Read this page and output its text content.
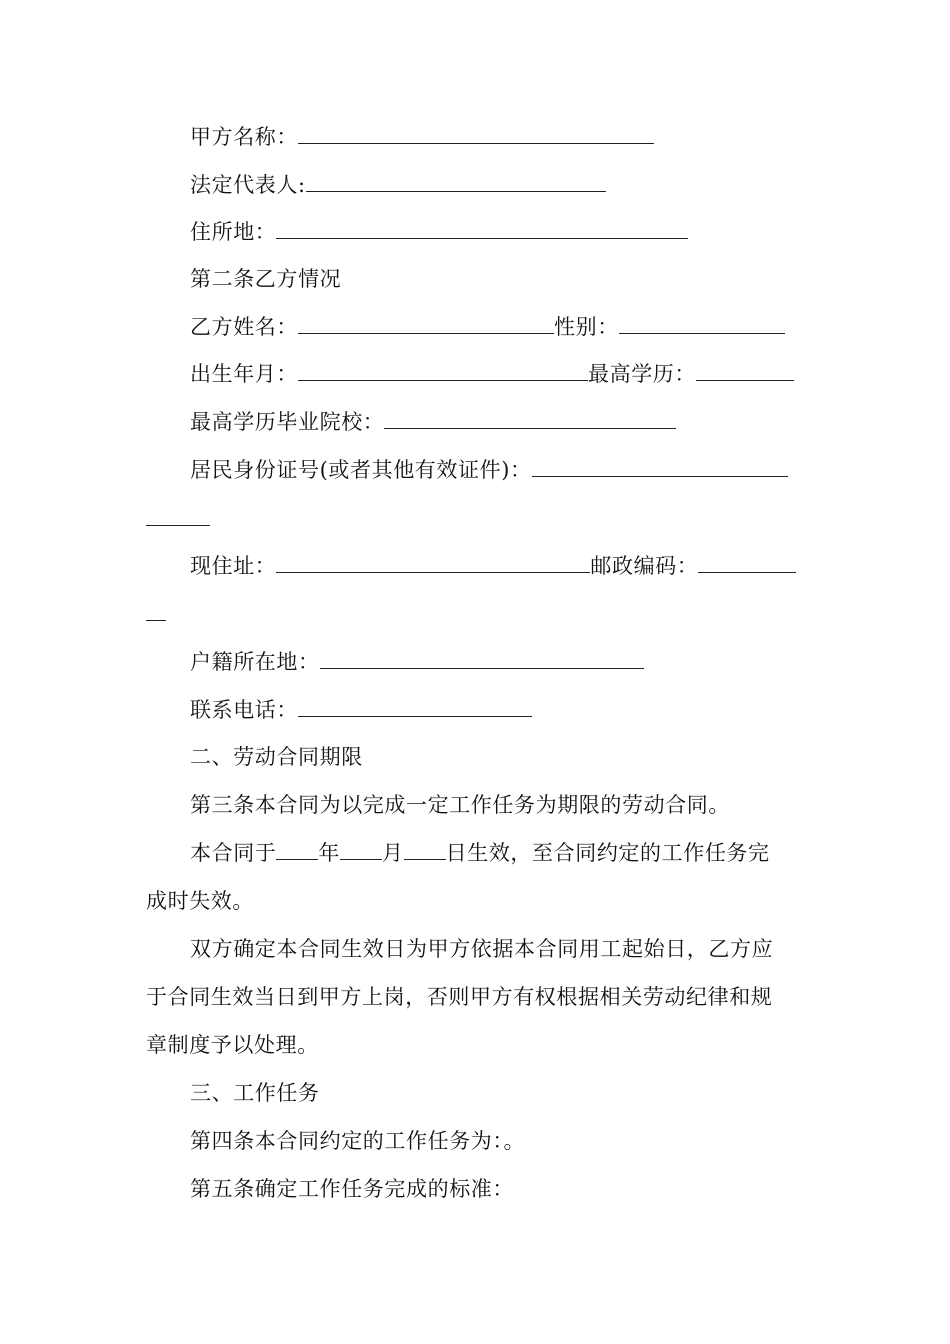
甲方名称：
法定代表人:
住所地：
第二条乙方情况
乙方姓名：	性别：
出生年月：	最高学历：
最高学历毕业院校：
居民身份证号(或者其他有效证件)：
现住址：	邮政编码：
户籍所在地：
联系电话：
二、劳动合同期限
第三条本合同为以完成一定工作任务为期限的劳动合同。
本合同于 年 月 日生效，至合同约定的工作任务完
成时失效。
双方确定本合同生效日为甲方依据本合同用工起始日，乙方应
于合同生效当日到甲方上岗，否则甲方有权根据相关劳动纪律和规
章制度予以处理。
三、工作任务
第四条本合同约定的工作任务为：。
第五条确定工作任务完成的标准：
